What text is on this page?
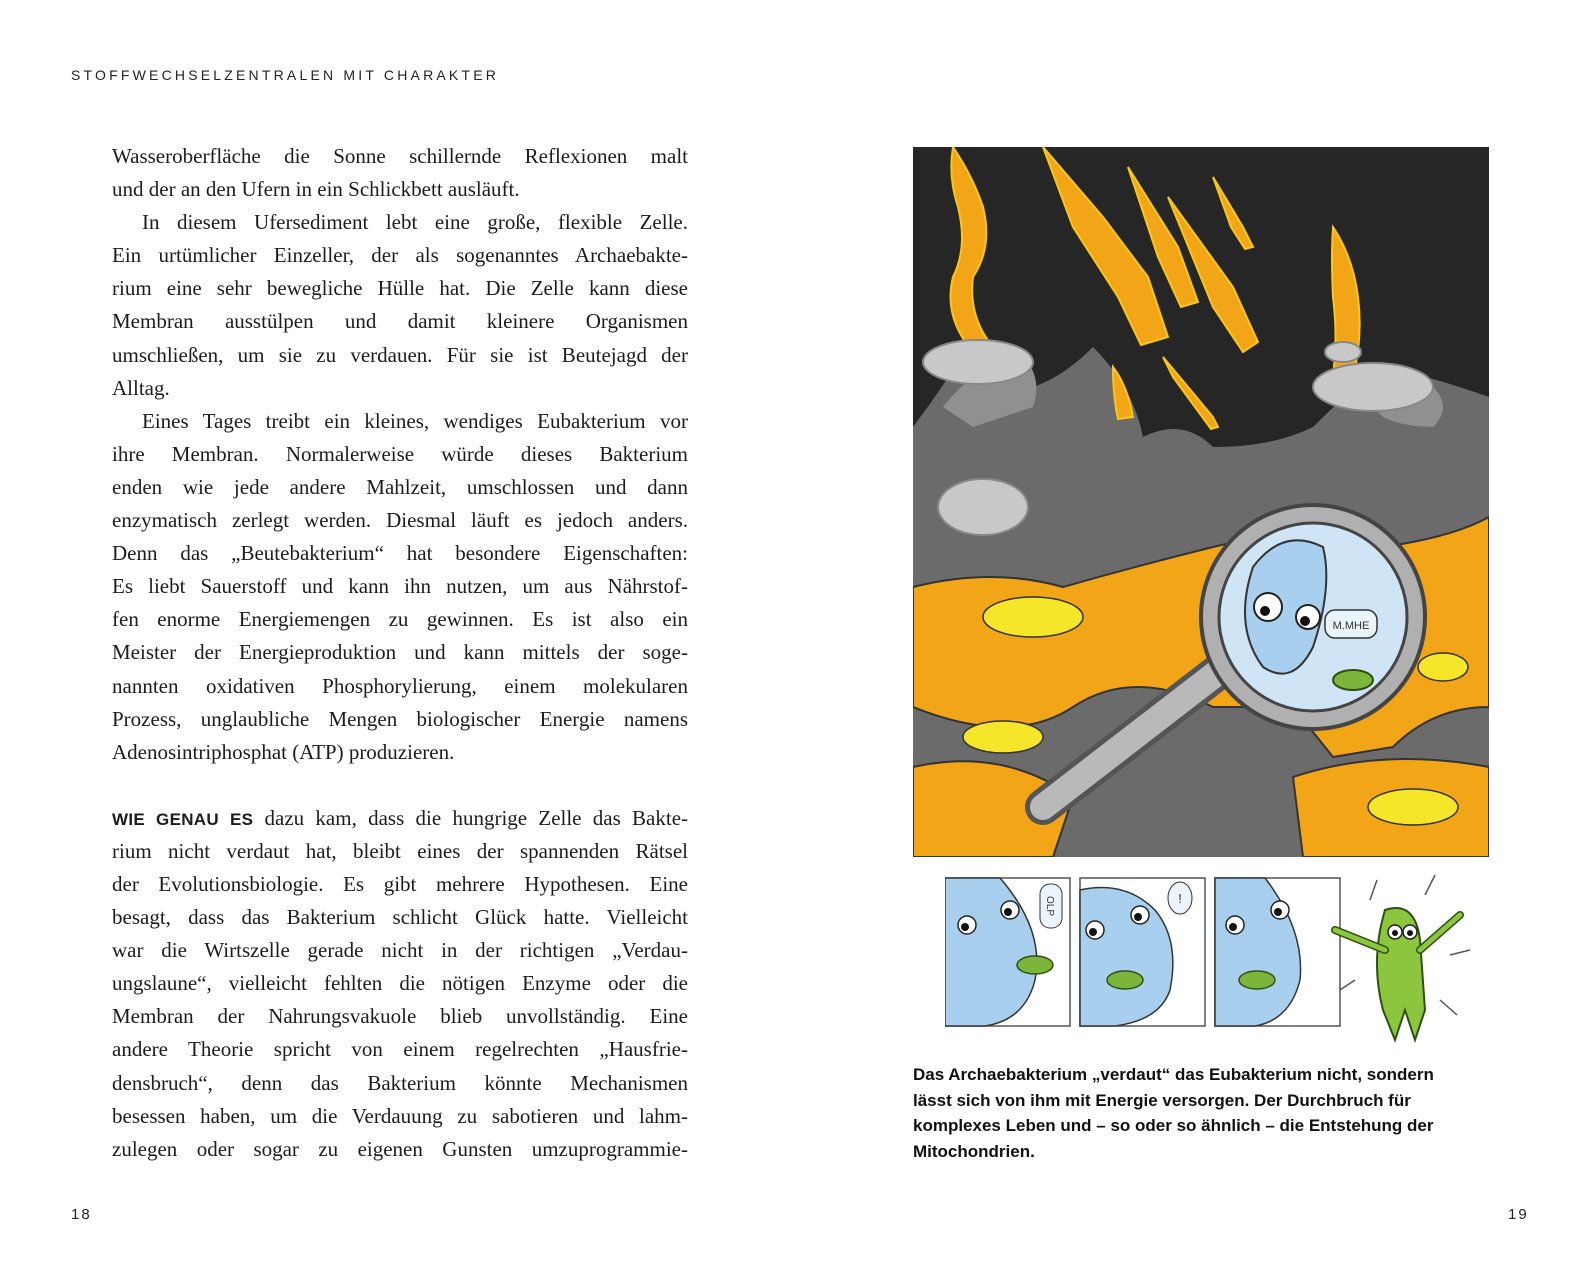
STOFFWECHSELZENTRALEN MIT CHARAKTER
Wasseroberfläche die Sonne schillernde Reflexionen malt
und der an den Ufern in ein Schlickbett ausläuft.
In diesem Ufersediment lebt eine große, flexible Zelle.
Ein urtümlicher Einzeller, der als sogenanntes Archaebakte-
rium eine sehr bewegliche Hülle hat. Die Zelle kann diese
Membran ausstülpen und damit kleinere Organismen
umschließen, um sie zu verdauen. Für sie ist Beutejagd der
Alltag.
Eines Tages treibt ein kleines, wendiges Eubakterium vor
ihre Membran. Normalerweise würde dieses Bakterium
enden wie jede andere Mahlzeit, umschlossen und dann
enzymatisch zerlegt werden. Diesmal läuft es jedoch anders.
Denn das „Beutebakterium“ hat besondere Eigenschaften:
Es liebt Sauerstoff und kann ihn nutzen, um aus Nährstof-
fen enorme Energiemengen zu gewinnen. Es ist also ein
Meister der Energieproduktion und kann mittels der soge-
nannten oxidativen Phosphorylierung, einem molekularen
Prozess, unglaubliche Mengen biologischer Energie namens
Adenosintriphosphat (ATP) produzieren.
WIE GENAU ES dazu kam, dass die hungrige Zelle das Bakte-
rium nicht verdaut hat, bleibt eines der spannenden Rätsel
der Evolutionsbiologie. Es gibt mehrere Hypothesen. Eine
besagt, dass das Bakterium schlicht Glück hatte. Vielleicht
war die Wirtszelle gerade nicht in der richtigen „Verdau-
ungslaune“, vielleicht fehlten die nötigen Enzyme oder die
Membran der Nahrungsvakuole blieb unvollständig. Eine
andere Theorie spricht von einem regelrechten „Hausfrie-
densbruch“, denn das Bakterium könnte Mechanismen
besessen haben, um die Verdauung zu sabotieren und lahm-
zulegen oder sogar zu eigenen Gunsten umzuprogrammie-
M.MHE
OLP	!
Das Archaebakterium „verdaut“ das Eubakterium nicht, sondern
lässt sich von ihm mit Energie versorgen. Der Durchbruch für
komplexes Leben und – so oder so ähnlich – die Entstehung der
Mitochondrien.
18	19
